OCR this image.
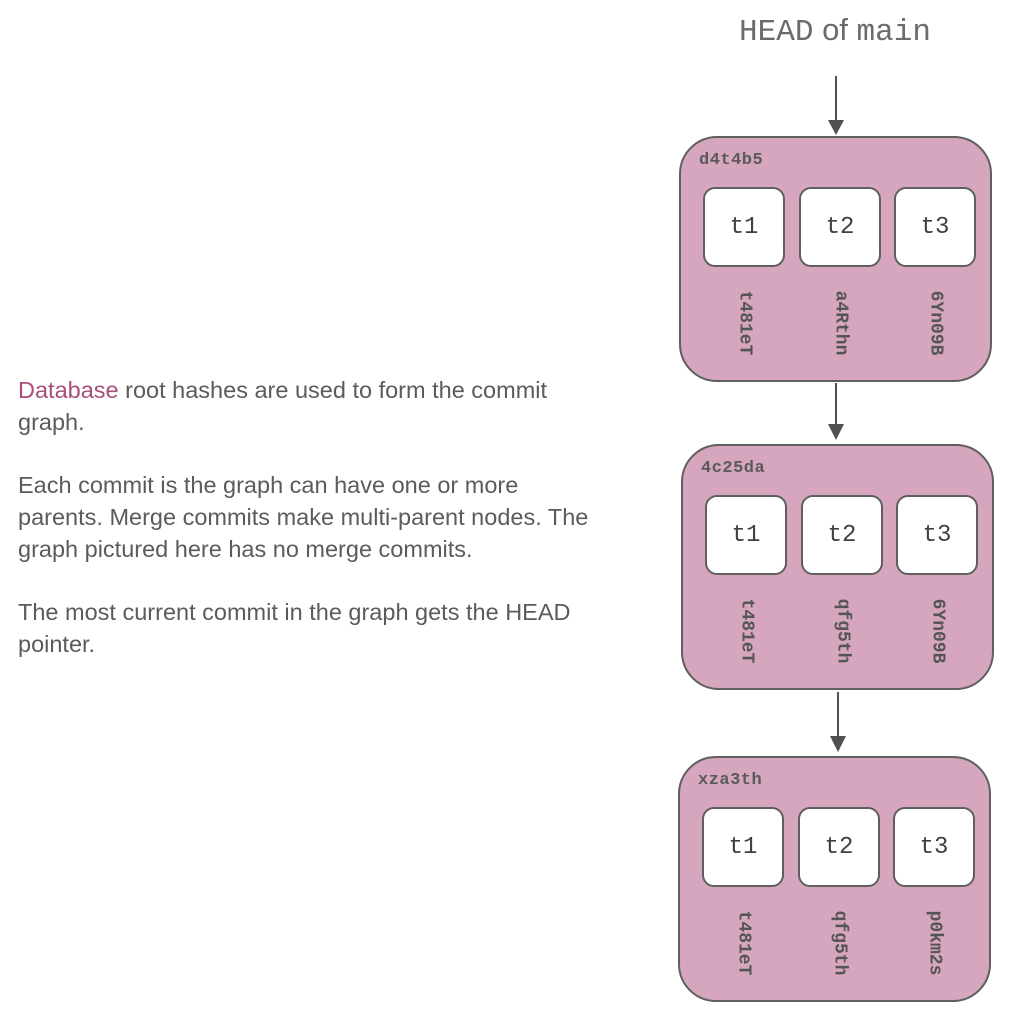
Database root hashes are used to form the commit graph.

Each commit is the graph can have one or more parents. Merge commits make multi-parent nodes. The graph pictured here has no merge commits.

The most current commit in the graph gets the HEAD pointer.

HEAD of main
d4t4b5
t1	t2	t3
t481eT	a4Rthn	6Yn09B
4c25da
t1	t2	t3
t481eT	qfg5th	6Yn09B
xza3th
t1	t2	t3
t481eT	qfg5th	p0km2s
